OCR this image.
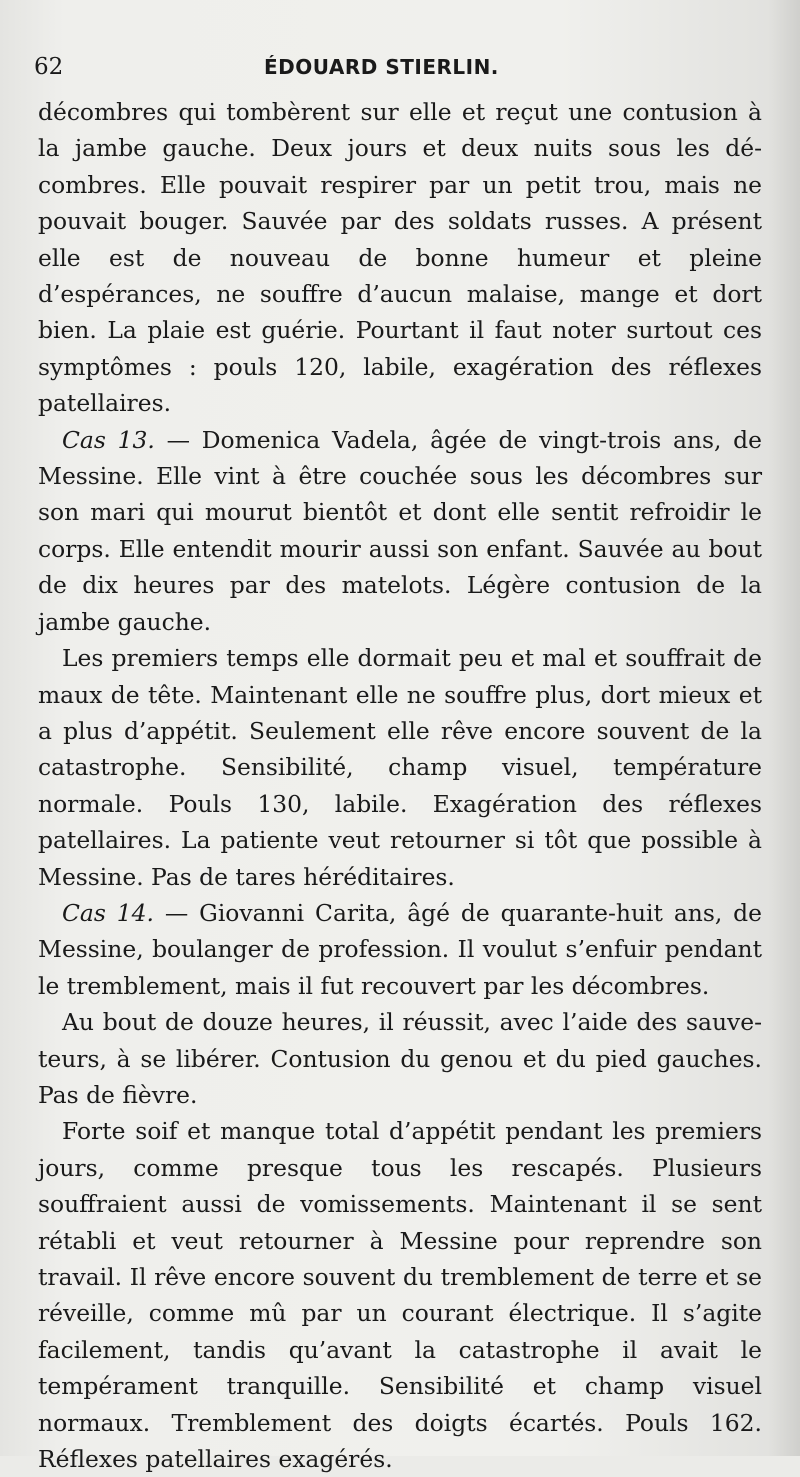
62	ÉDOUARD STIERLIN.

décombres qui tombèrent sur elle et reçut une contusion à la jambe gauche. Deux jours et deux nuits sous les dé-combres. Elle pouvait respirer par un petit trou, mais ne pouvait bouger. Sauvée par des soldats russes. A présent elle est de nouveau de bonne humeur et pleine d’espérances, ne souffre d’aucun malaise, mange et dort bien. La plaie est guérie. Pourtant il faut noter surtout ces symptômes : pouls 120, labile, exagération des réflexes patellaires.

Cas 13. — Domenica Vadela, âgée de vingt-trois ans, de Messine. Elle vint à être couchée sous les décombres sur son mari qui mourut bientôt et dont elle sentit refroidir le corps. Elle entendit mourir aussi son enfant. Sauvée au bout de dix heures par des matelots. Légère contusion de la jambe gauche.

Les premiers temps elle dormait peu et mal et souffrait de maux de tête. Maintenant elle ne souffre plus, dort mieux et a plus d’appétit. Seulement elle rêve encore souvent de la catastrophe. Sensibilité, champ visuel, température normale. Pouls 130, labile. Exagération des réflexes patellaires. La patiente veut retourner si tôt que possible à Messine. Pas de tares héréditaires.

Cas 14. — Giovanni Carita, âgé de quarante-huit ans, de Messine, boulanger de profession. Il voulut s’enfuir pendant le tremblement, mais il fut recouvert par les décombres.

Au bout de douze heures, il réussit, avec l’aide des sauve-teurs, à se libérer. Contusion du genou et du pied gauches. Pas de fièvre.

Forte soif et manque total d’appétit pendant les premiers jours, comme presque tous les rescapés. Plusieurs souffraient aussi de vomissements. Maintenant il se sent rétabli et veut retourner à Messine pour reprendre son travail. Il rêve encore souvent du tremblement de terre et se réveille, comme mû par un courant électrique. Il s’agite facilement, tandis qu’avant la catastrophe il avait le tempérament tranquille. Sensibilité et champ visuel normaux. Tremblement des doigts écartés. Pouls 162. Réflexes patellaires exagérés.
